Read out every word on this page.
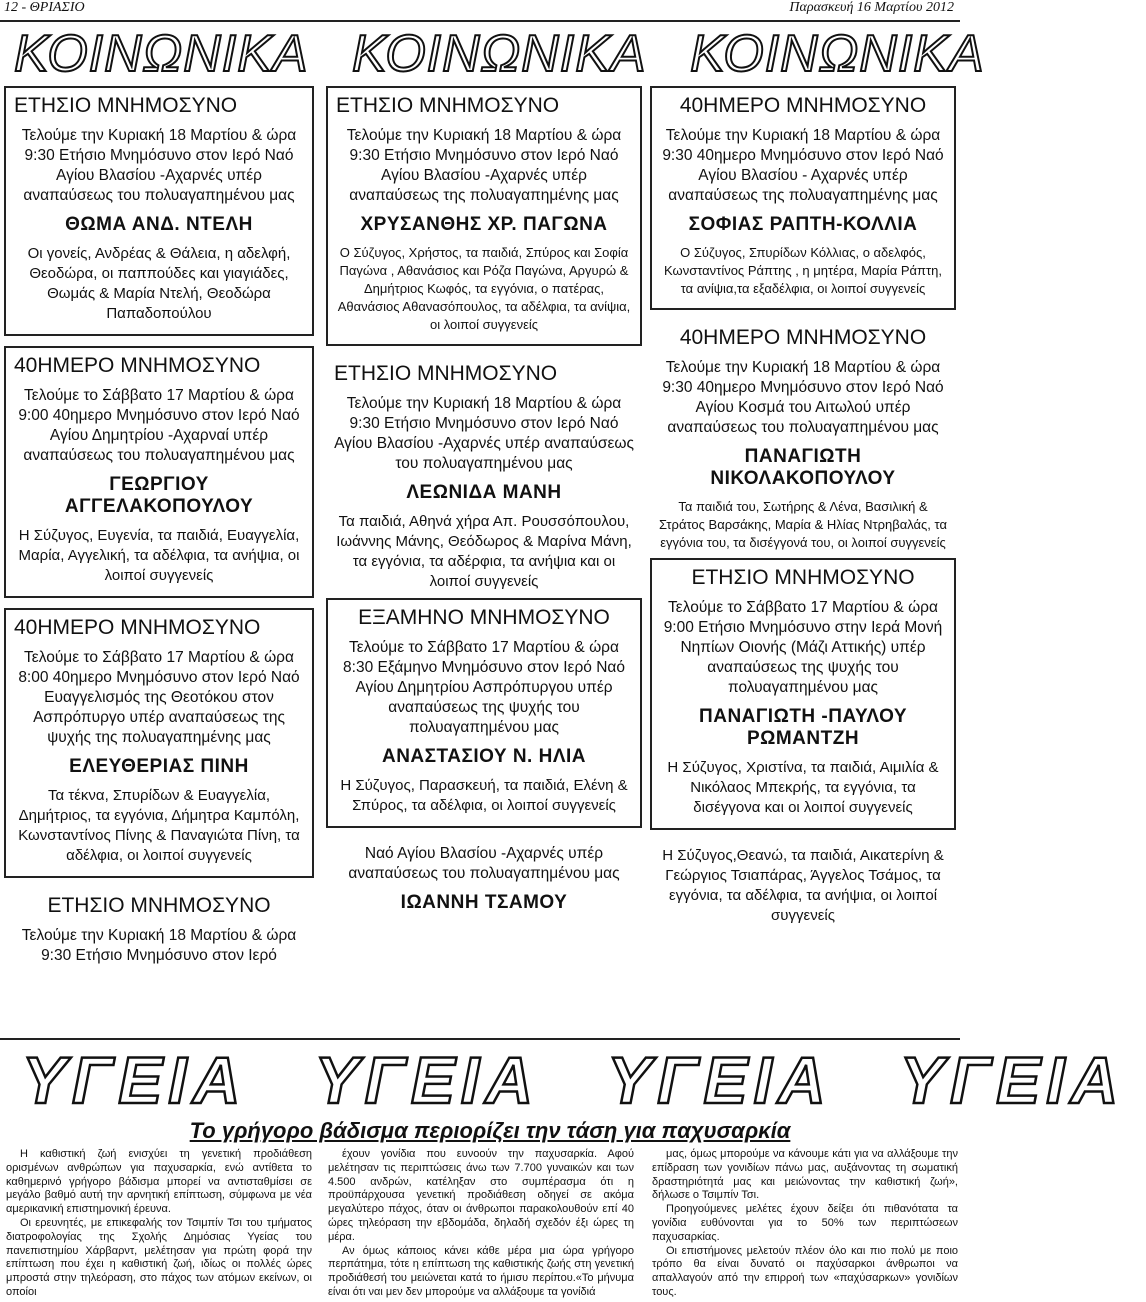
12 - ΘΡΙΑΣΙΟ	Παρασκευή 16 Μαρτίου 2012
ΚΟΙΝΩΝΙΚΑ ΚΟΙΝΩΝΙΚΑ ΚΟΙΝΩΝΙΚΑ
ΕΤΗΣΙΟ ΜΝΗΜΟΣΥΝΟ

Τελούμε την Κυριακή 18 Μαρτίου & ώρα 9:30 Ετήσιο Μνημόσυνο στον Ιερό Ναό Αγίου Βλασίου -Αχαρνές υπέρ αναπαύσεως του πολυαγαπημένου μας

ΘΩΜΑ ΑΝΔ. ΝΤΕΛΗ

Οι γονείς, Ανδρέας & Θάλεια, η αδελφή, Θεοδώρα, οι παππούδες και γιαγιάδες, Θωμάς & Μαρία Ντελή, Θεοδώρα Παπαδοπούλου

40ΗΜΕΡΟ ΜΝΗΜΟΣΥΝΟ

Τελούμε το Σάββατο 17 Μαρτίου & ώρα 9:00 40ημερο Μνημόσυνο στον Ιερό Ναό Αγίου Δημητρίου -Αχαρναί υπέρ αναπαύσεως του πολυαγαπημένου μας

ΓΕΩΡΓΙΟΥ ΑΓΓΕΛΑΚΟΠΟΥΛΟΥ

Η Σύζυγος, Ευγενία, τα παιδιά, Ευαγγελία, Μαρία, Αγγελική, τα αδέλφια, τα ανήψια, οι λοιποί συγγενείς

40ΗΜΕΡΟ ΜΝΗΜΟΣΥΝΟ

Τελούμε το Σάββατο 17 Μαρτίου & ώρα 8:00 40ημερο Μνημόσυνο στον Ιερό Ναό Ευαγγελισμός της Θεοτόκου στον Ασπρόπυργο υπέρ αναπαύσεως της ψυχής της πολυαγαπημένης μας

ΕΛΕΥΘΕΡΙΑΣ ΠΙΝΗ

Τα τέκνα, Σπυρίδων & Ευαγγελία, Δημήτριος, τα εγγόνια, Δήμητρα Καμπόλη, Κωνσταντίνος Πίνης & Παναγιώτα Πίνη, τα αδέλφια, οι λοιποί συγγενείς

ΕΤΗΣΙΟ ΜΝΗΜΟΣΥΝΟ

Τελούμε την Κυριακή 18 Μαρτίου & ώρα 9:30 Ετήσιο Μνημόσυνο στον Ιερό

ΕΤΗΣΙΟ ΜΝΗΜΟΣΥΝΟ

Τελούμε την Κυριακή 18 Μαρτίου & ώρα 9:30 Ετήσιο Μνημόσυνο στον Ιερό Ναό Αγίου Βλασίου -Αχαρνές υπέρ αναπαύσεως της πολυαγαπημένης μας

ΧΡΥΣΑΝΘΗΣ ΧΡ. ΠΑΓΩΝΑ

Ο Σύζυγος, Χρήστος, τα παιδιά, Σπύρος και Σοφία Παγώνα , Αθανάσιος και Ρόζα Παγώνα, Αργυρώ & Δημήτριος Κωφός, τα εγγόνια, ο πατέρας, Αθανάσιος Αθανασόπουλος, τα αδέλφια, τα ανίψια, οι λοιποί συγγενείς

ΕΤΗΣΙΟ ΜΝΗΜΟΣΥΝΟ

Τελούμε την Κυριακή 18 Μαρτίου & ώρα 9:30 Ετήσιο Μνημόσυνο στον Ιερό Ναό Αγίου Βλασίου -Αχαρνές υπέρ αναπαύσεως του πολυαγαπημένου μας

ΛΕΩΝΙΔΑ ΜΑΝΗ

Τα παιδιά, Αθηνά χήρα Απ. Ρουσσόπουλου, Ιωάννης Μάνης, Θεόδωρος & Μαρίνα Μάνη, τα εγγόνια, τα αδέρφια, τα ανήψια και οι λοιποί συγγενείς

ΕΞΑΜΗΝΟ ΜΝΗΜΟΣΥΝΟ

Τελούμε το Σάββατο 17 Μαρτίου & ώρα 8:30 Εξάμηνο Μνημόσυνο στον Ιερό Ναό Αγίου Δημητρίου Ασπρόπυργου υπέρ αναπαύσεως της ψυχής του πολυαγαπημένου μας

ΑΝΑΣΤΑΣΙΟΥ Ν. ΗΛΙΑ

Η Σύζυγος, Παρασκευή, τα παιδιά, Ελένη & Σπύρος, τα αδέλφια, οι λοιποί συγγενείς

Ναό Αγίου Βλασίου -Αχαρνές υπέρ αναπαύσεως του πολυαγαπημένου μας

ΙΩΑΝΝΗ ΤΣΑΜΟΥ
40ΗΜΕΡΟ ΜΝΗΜΟΣΥΝΟ

Τελούμε την Κυριακή 18 Μαρτίου & ώρα 9:30 40ημερο Μνημόσυνο στον Ιερό Ναό Αγίου Βλασίου - Αχαρνές υπέρ αναπαύσεως της πολυαγαπημένης μας

ΣΟΦΙΑΣ ΡΑΠΤΗ-ΚΟΛΛΙΑ

Ο Σύζυγος, Σπυρίδων Κόλλιας, ο αδελφός, Κωνσταντίνος Ράπτης , η μητέρα, Μαρία Ράπτη, τα ανίψια,τα εξαδέλφια, οι λοιποί συγγενείς

40ΗΜΕΡΟ ΜΝΗΜΟΣΥΝΟ

Τελούμε την Κυριακή 18 Μαρτίου & ώρα 9:30 40ημερο Μνημόσυνο στον Ιερό Ναό Αγίου Κοσμά του Αιτωλού υπέρ αναπαύσεως του πολυαγαπημένου μας

ΠΑΝΑΓΙΩΤΗ ΝΙΚΟΛΑΚΟΠΟΥΛΟΥ

Τα παιδιά του, Σωτήρης & Λένα, Βασιλική & Στράτος Βαρσάκης, Μαρία & Ηλίας Ντρηβαλάς, τα εγγόνια του, τα δισέγγονά του, οι λοιποί συγγενείς

ΕΤΗΣΙΟ ΜΝΗΜΟΣΥΝΟ

Τελούμε το Σάββατο 17 Μαρτίου & ώρα 9:00 Ετήσιο Μνημόσυνο στην Ιερά Μονή Νηπίων Οιονής (Μάζι Αττικής) υπέρ αναπαύσεως της ψυχής του πολυαγαπημένου μας

ΠΑΝΑΓΙΩΤΗ -ΠΑΥΛΟΥ ΡΩΜΑΝΤΖΗ

Η Σύζυγος, Χριστίνα, τα παιδιά, Αιμιλία & Νικόλαος Μπεκρής, τα εγγόνια, τα δισέγγονα και οι λοιποί συγγενείς

Η Σύζυγος,Θεανώ, τα παιδιά, Αικατερίνη & Γεώργιος Τσιαπάρας, Άγγελος Τσάμος, τα εγγόνια, τα αδέλφια, τα ανήψια, οι λοιποί συγγενείς

ΥΓΕΙΑ ΥΓΕΙΑ ΥΓΕΙΑ ΥΓΕΙΑ
Το γρήγορο βάδισμα περιορίζει την τάση για παχυσαρκία

Η καθιστική ζωή ενισχύει τη γενετική προδιάθεση ορισμένων ανθρώπων για παχυσαρκία, ενώ αντίθετα το καθημερινό γρήγορο βάδισμα μπορεί να αντισταθμίσει σε μεγάλο βαθμό αυτή την αρνητική επίπτωση, σύμφωνα με νέα αμερικανική επιστημονική έρευνα.

Οι ερευνητές, με επικεφαλής τον Τσιμπίν Τσι του τμήματος διατροφολογίας της Σχολής Δημόσιας Υγείας του πανεπιστημίου Χάρβαρντ, μελέτησαν για πρώτη φορά την επίπτωση που έχει η καθιστική ζωή, ιδίως οι πολλές ώρες μπροστά στην τηλεόραση, στο πάχος των ατόμων εκείνων, οι οποίοι

έχουν γονίδια που ευνοούν την παχυσαρκία. Αφού μελέτησαν τις περιπτώσεις άνω των 7.700 γυναικών και των 4.500 ανδρών, κατέληξαν στο συμπέρασμα ότι η προϋπάρχουσα γενετική προδιάθεση οδηγεί σε ακόμα μεγαλύτερο πάχος, όταν οι άνθρωποι παρακολουθούν επί 40 ώρες τηλεόραση την εβδομάδα, δηλαδή σχεδόν έξι ώρες τη μέρα.

Αν όμως κάποιος κάνει κάθε μέρα μια ώρα γρήγορο περπάτημα, τότε η επίπτωση της καθιστικής ζωής στη γενετική προδιάθεσή του μειώνεται κατά το ήμισυ περίπου.«Το μήνυμα είναι ότι ναι μεν δεν μπορούμε να αλλάξουμε τα γονίδιά

μας, όμως μπορούμε να κάνουμε κάτι για να αλλάξουμε την επίδραση των γονιδίων πάνω μας, αυξάνοντας τη σωματική δραστηριότητά μας και μειώνοντας την καθιστική ζωή», δήλωσε ο Τσιμπίν Τσι.

Προηγούμενες μελέτες έχουν δείξει ότι πιθανότατα τα γονίδια ευθύνονται για το 50% των περιπτώσεων παχυσαρκίας.

Οι επιστήμονες μελετούν πλέον όλο και πιο πολύ με ποιο τρόπο θα είναι δυνατό οι παχύσαρκοι άνθρωποι να απαλλαγούν από την επιρροή των «παχύσαρκων» γονιδίων τους.
